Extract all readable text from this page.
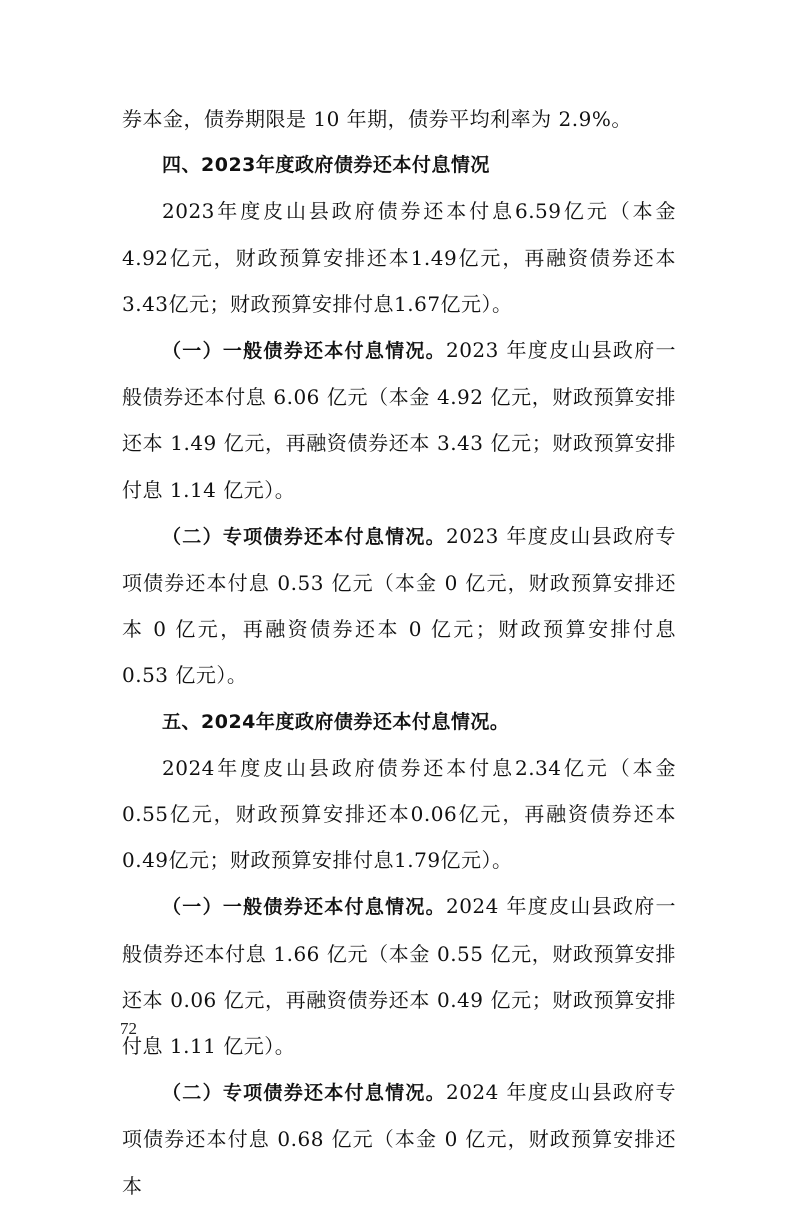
券本金，债券期限是 10 年期，债券平均利率为 2.9%。

四、2023年度政府债券还本付息情况

2023年度皮山县政府债券还本付息6.59亿元（本金4.92亿元，财政预算安排还本1.49亿元，再融资债券还本3.43亿元；财政预算安排付息1.67亿元）。

（一）一般债券还本付息情况。2023 年度皮山县政府一般债券还本付息 6.06 亿元（本金 4.92 亿元，财政预算安排还本 1.49 亿元，再融资债券还本 3.43 亿元；财政预算安排付息 1.14 亿元）。

（二）专项债券还本付息情况。2023 年度皮山县政府专项债券还本付息 0.53 亿元（本金 0 亿元，财政预算安排还本 0 亿元，再融资债券还本 0 亿元；财政预算安排付息 0.53 亿元）。

五、2024年度政府债券还本付息情况。

2024年度皮山县政府债券还本付息2.34亿元（本金0.55亿元，财政预算安排还本0.06亿元，再融资债券还本0.49亿元；财政预算安排付息1.79亿元）。

（一）一般债券还本付息情况。2024 年度皮山县政府一般债券还本付息 1.66 亿元（本金 0.55 亿元，财政预算安排还本 0.06 亿元，再融资债券还本 0.49 亿元；财政预算安排付息 1.11 亿元）。

（二）专项债券还本付息情况。2024 年度皮山县政府专项债券还本付息 0.68 亿元（本金 0 亿元，财政预算安排还本

72
